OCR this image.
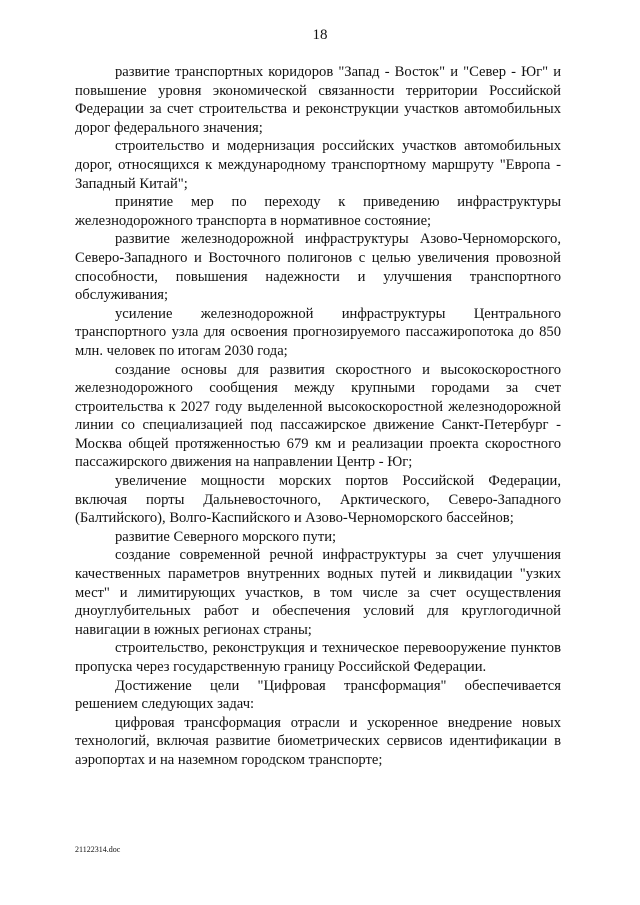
18

развитие транспортных коридоров "Запад - Восток" и "Север - Юг" и повышение уровня экономической связанности территории Российской Федерации за счет строительства и реконструкции участков автомобильных дорог федерального значения;

строительство и модернизация российских участков автомобильных дорог, относящихся к международному транспортному маршруту "Европа - Западный Китай";

принятие мер по переходу к приведению инфраструктуры железнодорожного транспорта в нормативное состояние;

развитие железнодорожной инфраструктуры Азово-Черноморского, Северо-Западного и Восточного полигонов с целью увеличения провозной способности, повышения надежности и улучшения транспортного обслуживания;

усиление железнодорожной инфраструктуры Центрального транспортного узла для освоения прогнозируемого пассажиропотока до 850 млн. человек по итогам 2030 года;

создание основы для развития скоростного и высокоскоростного железнодорожного сообщения между крупными городами за счет строительства к 2027 году выделенной высокоскоростной железнодорожной линии со специализацией под пассажирское движение Санкт-Петербург - Москва общей протяженностью 679 км и реализации проекта скоростного пассажирского движения на направлении Центр - Юг;

увеличение мощности морских портов Российской Федерации, включая порты Дальневосточного, Арктического, Северо-Западного (Балтийского), Волго-Каспийского и Азово-Черноморского бассейнов;

развитие Северного морского пути;

создание современной речной инфраструктуры за счет улучшения качественных параметров внутренних водных путей и ликвидации "узких мест" и лимитирующих участков, в том числе за счет осуществления дноуглубительных работ и обеспечения условий для круглогодичной навигации в южных регионах страны;

строительство, реконструкция и техническое перевооружение пунктов пропуска через государственную границу Российской Федерации.

Достижение цели "Цифровая трансформация" обеспечивается решением следующих задач:

цифровая трансформация отрасли и ускоренное внедрение новых технологий, включая развитие биометрических сервисов идентификации в аэропортах и на наземном городском транспорте;

21122314.doc
